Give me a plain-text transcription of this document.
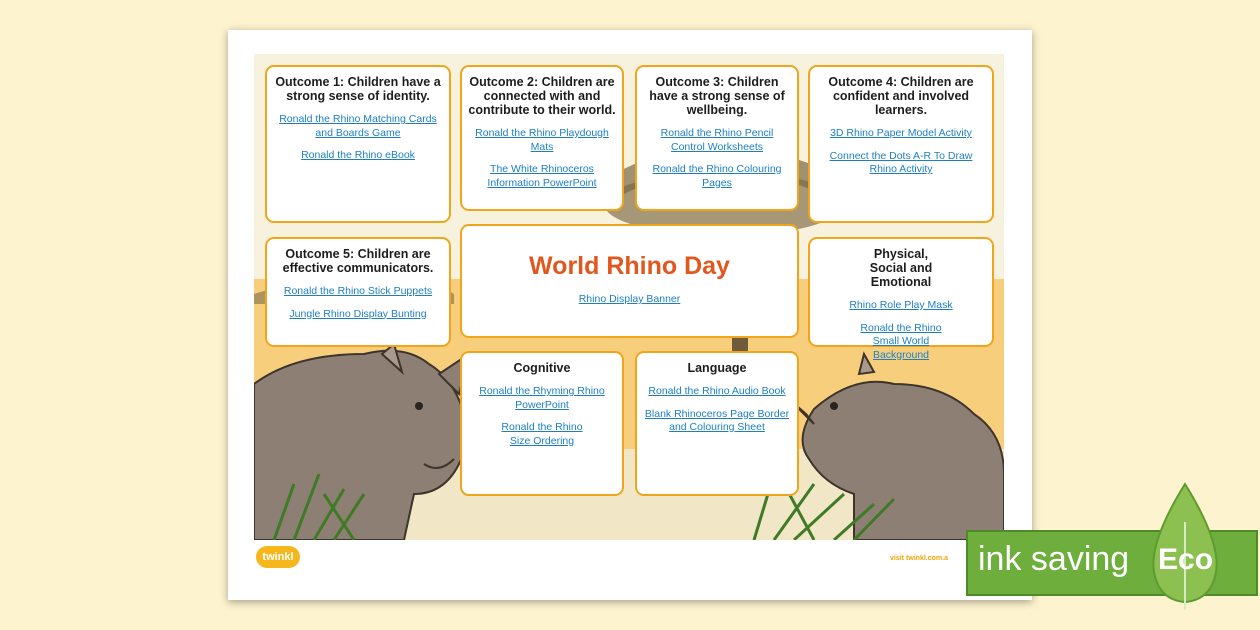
Outcome 1: Children have a strong sense of identity.
Ronald the Rhino Matching Cards and Boards Game
Ronald the Rhino eBook
Outcome 2: Children are connected with and contribute to their world.
Ronald the Rhino Playdough Mats
The White Rhinoceros Information PowerPoint
Outcome 3: Children have a strong sense of wellbeing.
Ronald the Rhino Pencil Control Worksheets
Ronald the Rhino Colouring Pages
Outcome 4: Children are confident and involved learners.
3D Rhino Paper Model Activity
Connect the Dots A-R To Draw Rhino Activity
Outcome 5: Children are effective communicators.
Ronald the Rhino Stick Puppets
Jungle Rhino Display Bunting
World Rhino Day
Rhino Display Banner
Physical, Social and Emotional
Rhino Role Play Mask
Ronald the Rhino Small World Background
Cognitive
Ronald the Rhyming Rhino PowerPoint
Ronald the Rhino Size Ordering
Language
Ronald the Rhino Audio Book
Blank Rhinoceros Page Border and Colouring Sheet
twinkl	visit twinkl.com.a ink saving Eco
